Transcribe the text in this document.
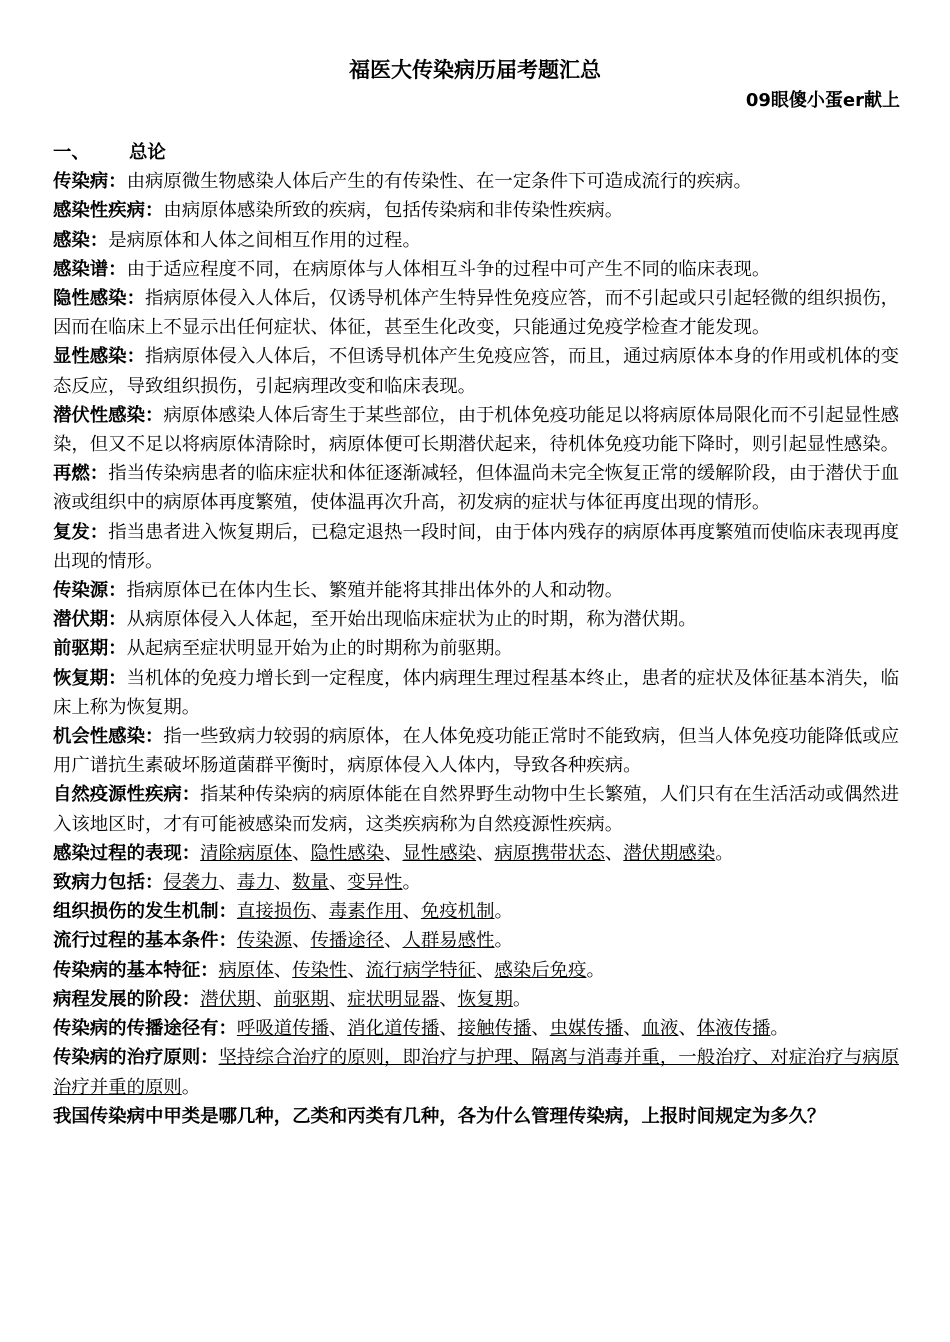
福医大传染病历届考题汇总
09眼傻小蛋er献上
一、 总论
传染病：由病原微生物感染人体后产生的有传染性、在一定条件下可造成流行的疾病。
感染性疾病：由病原体感染所致的疾病，包括传染病和非传染性疾病。
感染：是病原体和人体之间相互作用的过程。
感染谱：由于适应程度不同，在病原体与人体相互斗争的过程中可产生不同的临床表现。
隐性感染：指病原体侵入人体后，仅诱导机体产生特异性免疫应答，而不引起或只引起轻微的组织损伤，因而在临床上不显示出任何症状、体征，甚至生化改变，只能通过免疫学检查才能发现。
显性感染：指病原体侵入人体后，不但诱导机体产生免疫应答，而且，通过病原体本身的作用或机体的变态反应，导致组织损伤，引起病理改变和临床表现。
潜伏性感染：病原体感染人体后寄生于某些部位，由于机体免疫功能足以将病原体局限化而不引起显性感染，但又不足以将病原体清除时，病原体便可长期潜伏起来，待机体免疫功能下降时，则引起显性感染。
再燃：指当传染病患者的临床症状和体征逐渐减轻，但体温尚未完全恢复正常的缓解阶段，由于潜伏于血液或组织中的病原体再度繁殖，使体温再次升高，初发病的症状与体征再度出现的情形。
复发：指当患者进入恢复期后，已稳定退热一段时间，由于体内残存的病原体再度繁殖而使临床表现再度出现的情形。
传染源：指病原体已在体内生长、繁殖并能将其排出体外的人和动物。
潜伏期：从病原体侵入人体起，至开始出现临床症状为止的时期，称为潜伏期。
前驱期：从起病至症状明显开始为止的时期称为前驱期。
恢复期：当机体的免疫力增长到一定程度，体内病理生理过程基本终止，患者的症状及体征基本消失，临床上称为恢复期。
机会性感染：指一些致病力较弱的病原体，在人体免疫功能正常时不能致病，但当人体免疫功能降低或应用广谱抗生素破坏肠道菌群平衡时，病原体侵入人体内，导致各种疾病。
自然疫源性疾病：指某种传染病的病原体能在自然界野生动物中生长繁殖，人们只有在生活活动或偶然进入该地区时，才有可能被感染而发病，这类疾病称为自然疫源性疾病。
感染过程的表现：清除病原体、隐性感染、显性感染、病原携带状态、潜伏期感染。
致病力包括：侵袭力、毒力、数量、变异性。
组织损伤的发生机制：直接损伤、毒素作用、免疫机制。
流行过程的基本条件：传染源、传播途径、人群易感性。
传染病的基本特征：病原体、传染性、流行病学特征、感染后免疫。
病程发展的阶段：潜伏期、前驱期、症状明显器、恢复期。
传染病的传播途径有：呼吸道传播、消化道传播、接触传播、虫媒传播、血液、体液传播。
传染病的治疗原则：坚持综合治疗的原则，即治疗与护理、隔离与消毒并重，一般治疗、对症治疗与病原治疗并重的原则。
我国传染病中甲类是哪几种，乙类和丙类有几种，各为什么管理传染病，上报时间规定为多久？
